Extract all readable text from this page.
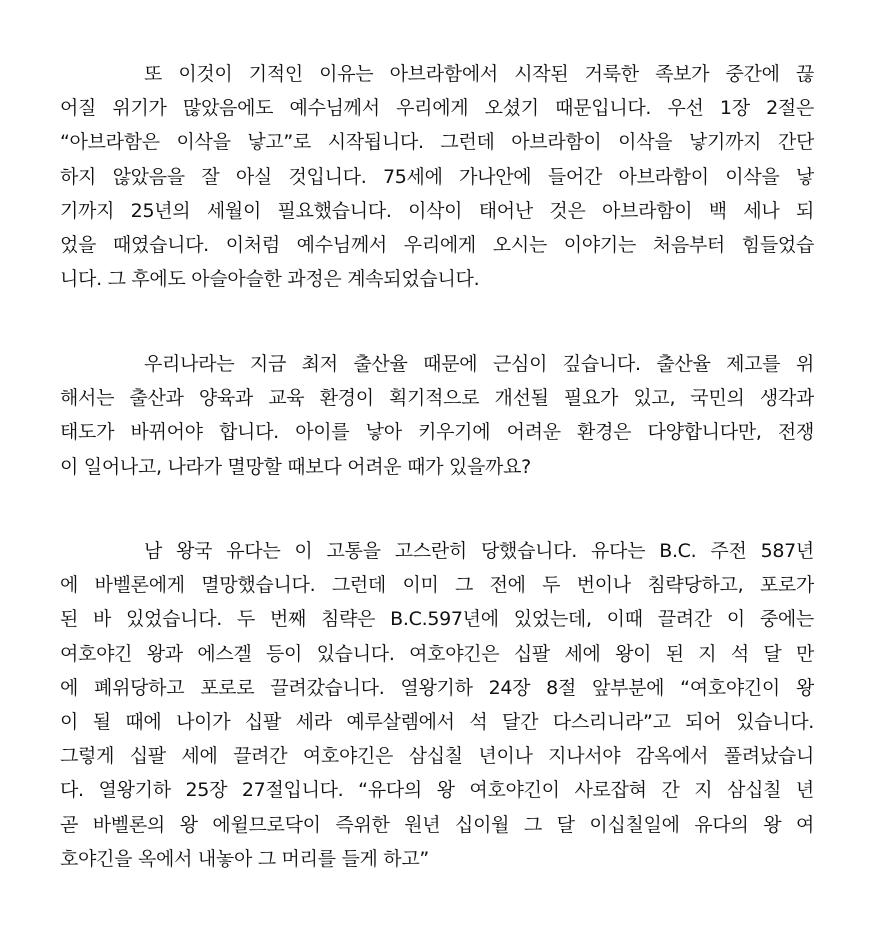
또 이것이 기적인 이유는 아브라함에서 시작된 거룩한 족보가 중간에 끊
어질 위기가 많았음에도 예수님께서 우리에게 오셨기 때문입니다. 우선 1장 2절은
“아브라함은 이삭을 낳고”로 시작됩니다. 그런데 아브라함이 이삭을 낳기까지 간단
하지 않았음을 잘 아실 것입니다. 75세에 가나안에 들어간 아브라함이 이삭을 낳
기까지 25년의 세월이 필요했습니다. 이삭이 태어난 것은 아브라함이 백 세나 되
었을 때였습니다. 이처럼 예수님께서 우리에게 오시는 이야기는 처음부터 힘들었습
니다. 그 후에도 아슬아슬한 과정은 계속되었습니다.
우리나라는 지금 최저 출산율 때문에 근심이 깊습니다. 출산율 제고를 위
해서는 출산과 양육과 교육 환경이 획기적으로 개선될 필요가 있고, 국민의 생각과
태도가 바뀌어야 합니다. 아이를 낳아 키우기에 어려운 환경은 다양합니다만, 전쟁
이 일어나고, 나라가 멸망할 때보다 어려운 때가 있을까요?
남 왕국 유다는 이 고통을 고스란히 당했습니다. 유다는 B.C. 주전 587년
에 바벨론에게 멸망했습니다. 그런데 이미 그 전에 두 번이나 침략당하고, 포로가
된 바 있었습니다. 두 번째 침략은 B.C.597년에 있었는데, 이때 끌려간 이 중에는
여호야긴 왕과 에스겔 등이 있습니다. 여호야긴은 십팔 세에 왕이 된 지 석 달 만
에 폐위당하고 포로로 끌려갔습니다. 열왕기하 24장 8절 앞부분에 “여호야긴이 왕
이 될 때에 나이가 십팔 세라 예루살렘에서 석 달간 다스리니라”고 되어 있습니다.
그렇게 십팔 세에 끌려간 여호야긴은 삼십칠 년이나 지나서야 감옥에서 풀려났습니
다. 열왕기하 25장 27절입니다. “유다의 왕 여호야긴이 사로잡혀 간 지 삼십칠 년
곧 바벨론의 왕 에윌므로닥이 즉위한 원년 십이월 그 달 이십칠일에 유다의 왕 여
호야긴을 옥에서 내놓아 그 머리를 들게 하고”
